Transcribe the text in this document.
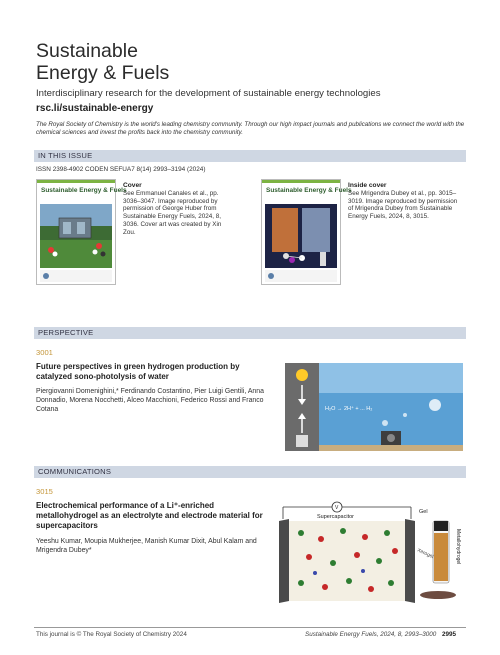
Sustainable
Energy & Fuels
Interdisciplinary research for the development of sustainable energy technologies
rsc.li/sustainable-energy
The Royal Society of Chemistry is the world's leading chemistry community. Through our high impact journals and publications we connect the world with the chemical sciences and invest the profits back into the chemistry community.
IN THIS ISSUE
ISSN 2398-4902 CODEN SEFUA7 8(14) 2993–3194 (2024)
Sustainable Energy & Fuels
Cover
See Emmanuel Canales et al., pp. 3036–3047. Image reproduced by permission of George Huber from Sustainable Energy Fuels, 2024, 8, 3036. Cover art was created by Xin Zou.
Sustainable Energy & Fuels
Inside cover
See Mrigendra Dubey et al., pp. 3015–3019. Image reproduced by permission of Mrigendra Dubey from Sustainable Energy Fuels, 2024, 8, 3015.
PERSPECTIVE
3001
Future perspectives in green hydrogen production by catalyzed sono-photolysis of water
Piergiovanni Domenighini,* Ferdinando Costantino, Pier Luigi Gentili, Anna Donnadio, Morena Nocchetti, Alceo Macchioni, Federico Rossi and Franco Cotana	H₂O → 2H⁺ + ... H₂
COMMUNICATIONS
3015
Electrochemical performance of a Li⁺-enriched metallohydrogel as an electrolyte and electrode material for supercapacitors
Yeeshu Kumar, Moupia Mukherjee, Manish Kumar Dixit, Abul Kalam and Mrigendra Dubey*
V
Supercapacitor
Gel
Metallohydrogel
Xerogel
This journal is © The Royal Society of Chemistry 2024	Sustainable Energy Fuels, 2024, 8, 2993–3000 2995
